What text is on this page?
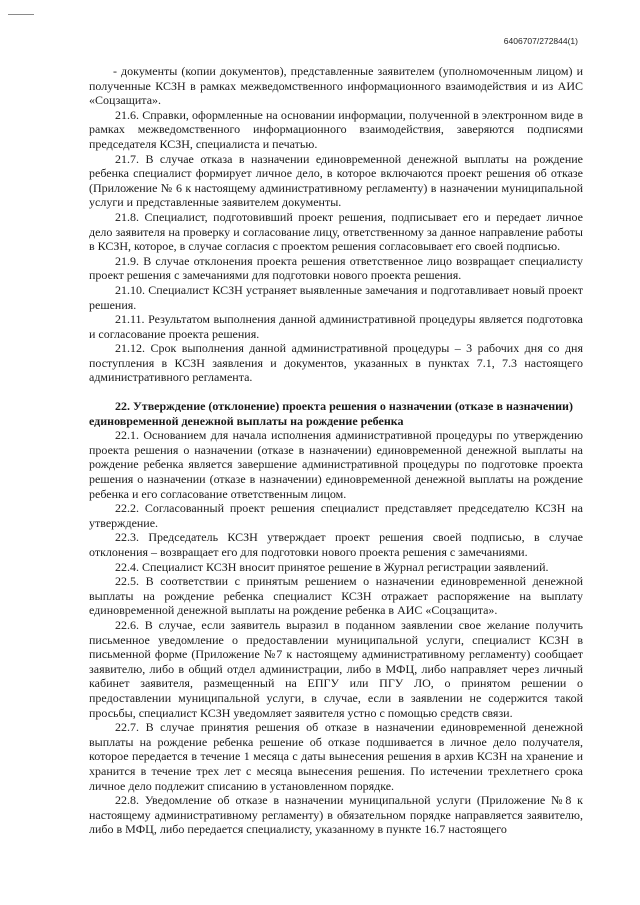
6406707/272844(1)

- документы (копии документов), представленные заявителем (уполномоченным лицом) и полученные КСЗН в рамках межведомственного информационного взаимодействия и из АИС «Соцзащита».

21.6. Справки, оформленные на основании информации, полученной в электронном виде в рамках межведомственного информационного взаимодействия, заверяются подписями председателя КСЗН, специалиста и печатью.

21.7. В случае отказа в назначении единовременной денежной выплаты на рождение ребенка специалист формирует личное дело, в которое включаются проект решения об отказе (Приложение № 6 к настоящему административному регламенту) в назначении муниципальной услуги и представленные заявителем документы.

21.8. Специалист, подготовивший проект решения, подписывает его и передает личное дело заявителя на проверку и согласование лицу, ответственному за данное направление работы в КСЗН, которое, в случае согласия с проектом решения согласовывает его своей подписью.

21.9. В случае отклонения проекта решения ответственное лицо возвращает специалисту проект решения с замечаниями для подготовки нового проекта решения.

21.10. Специалист КСЗН устраняет выявленные замечания и подготавливает новый проект решения.

21.11. Результатом выполнения данной административной процедуры является подготовка и согласование проекта решения.

21.12. Срок выполнения данной административной процедуры – 3 рабочих дня со дня поступления в КСЗН заявления и документов, указанных в пунктах 7.1, 7.3 настоящего административного регламента.

22. Утверждение (отклонение) проекта решения о назначении (отказе в назначении)
единовременной денежной выплаты на рождение ребенка

22.1. Основанием для начала исполнения административной процедуры по утверждению проекта решения о назначении (отказе в назначении) единовременной денежной выплаты на рождение ребенка является завершение административной процедуры по подготовке проекта решения о назначении (отказе в назначении) единовременной денежной выплаты на рождение ребенка и его согласование ответственным лицом.

22.2. Согласованный проект решения специалист представляет председателю КСЗН на утверждение.

22.3. Председатель КСЗН утверждает проект решения своей подписью, в случае отклонения – возвращает его для подготовки нового проекта решения с замечаниями.

22.4. Специалист КСЗН вносит принятое решение в Журнал регистрации заявлений.

22.5. В соответствии с принятым решением о назначении единовременной денежной выплаты на рождение ребенка специалист КСЗН отражает распоряжение на выплату единовременной денежной выплаты на рождение ребенка в АИС «Соцзащита».

22.6. В случае, если заявитель выразил в поданном заявлении свое желание получить письменное уведомление о предоставлении муниципальной услуги, специалист КСЗН в письменной форме (Приложение №7 к настоящему административному регламенту) сообщает заявителю, либо в общий отдел администрации, либо в МФЦ, либо направляет через личный кабинет заявителя, размещенный на ЕПГУ или ПГУ ЛО, о принятом решении о предоставлении муниципальной услуги, в случае, если в заявлении не содержится такой просьбы, специалист КСЗН уведомляет заявителя устно с помощью средств связи.

22.7. В случае принятия решения об отказе в назначении единовременной денежной выплаты на рождение ребенка решение об отказе подшивается в личное дело получателя, которое передается в течение 1 месяца с даты вынесения решения в архив КСЗН на хранение и хранится в течение трех лет с месяца вынесения решения. По истечении трехлетнего срока личное дело подлежит списанию в установленном порядке.

22.8. Уведомление об отказе в назначении муниципальной услуги (Приложение №8 к настоящему административному регламенту) в обязательном порядке направляется заявителю, либо в МФЦ, либо передается специалисту, указанному в пункте 16.7 настоящего
